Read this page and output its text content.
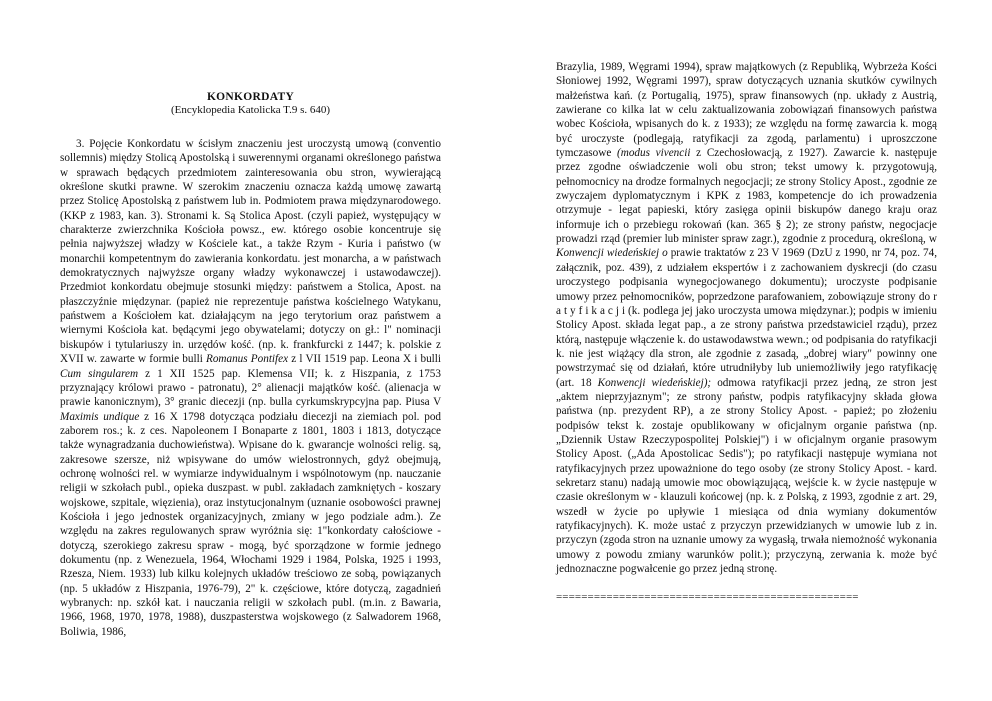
KONKORDATY
(Encyklopedia Katolicka T.9 s. 640)

3. Pojęcie Konkordatu w ścisłym znaczeniu jest uroczystą umową (conventio sollemnis) między Stolicą Apostolską i suwerennymi organami określonego państwa w sprawach będących przedmiotem zainteresowania obu stron, wywierającą określone skutki prawne. W szerokim znaczeniu oznacza każdą umowę zawartą przez Stolicę Apostolską z państwem lub in. Podmiotem prawa międzynarodowego. (KKP z 1983, kan. 3). Stronami k. Są Stolica Apost. (czyli papież, występujący w charakterze zwierzchnika Kościoła powsz., ew. którego osobie koncentruje się pełnia najwyższej władzy w Kościele kat., a także Rzym - Kuria i państwo (w monarchii kompetentnym do zawierania konkordatu. jest monarcha, a w państwach demokratycznych najwyższe organy władzy wykonawczej i ustawodawczej). Przedmiot konkordatu obejmuje stosunki między: państwem a Stolica, Apost. na płaszczyźnie międzynar. (papież nie reprezentuje państwa kościelnego Watykanu, państwem a Kościołem kat. działającym na jego terytorium oraz państwem a wiernymi Kościoła kat. będącymi jego obywatelami; dotyczy on gł.: l" nominacji biskupów i tytulariuszy in. urzędów kość. (np. k. frankfurcki z 1447; k. polskie z XVII w. zawarte w formie bulli Romanus Pontifex z l VII 1519 pap. Leona X i bulli Cum singularem z 1 XII 1525 pap. Klemensa VII; k. z Hiszpania, z 1753 przyznający królowi prawo - patronatu), 2° alienacji majątków kość. (alienacja w prawie kanonicznym), 3° granic diecezji (np. bulla cyrkumskrypcyjna pap. Piusa V Maximis undique z 16 X 1798 dotycząca podziału diecezji na ziemiach pol. pod zaborem ros.; k. z ces. Napoleonem I Bonaparte z 1801, 1803 i 1813, dotyczące także wynagradzania duchowieństwa). Wpisane do k. gwarancje wolności relig. są, zakresowe szersze, niż wpisywane do umów wielostronnych, gdyż obejmują, ochronę wolności rel. w wymiarze indywidualnym i wspólnotowym (np. nauczanie religii w szkołach publ., opieka duszpast. w publ. zakładach zamkniętych - koszary wojskowe, szpitale, więzienia), oraz instytucjonalnym (uznanie osobowości prawnej Kościoła i jego jednostek organizacyjnych, zmiany w jego podziale adm.). Ze względu na zakres regulowanych spraw wyróżnia się: 1"konkordaty całościowe - dotyczą, szerokiego zakresu spraw - mogą, być sporządzone w formie jednego dokumentu (np. z Wenezuela, 1964, Włochami 1929 i 1984, Polska, 1925 i 1993, Rzesza, Niem. 1933) lub kilku kolejnych układów treściowo ze sobą, powiązanych (np. 5 układów z Hiszpania, 1976-79), 2" k. częściowe, które dotyczą, zagadnień wybranych: np. szkół kat. i nauczania religii w szkołach publ. (m.in. z Bawaria, 1966, 1968, 1970, 1978, 1988), duszpasterstwa wojskowego (z Salwadorem 1968, Boliwia, 1986,

Brazylia, 1989, Węgrami 1994), spraw majątkowych (z Republiką, Wybrzeża Kości Słoniowej 1992, Węgrami 1997), spraw dotyczących uznania skutków cywilnych małżeństwa kań. (z Portugalią, 1975), spraw finansowych (np. układy z Austrią, zawierane co kilka lat w celu zaktualizowania zobowiązań finansowych państwa wobec Kościoła, wpisanych do k. z 1933); ze względu na formę zawarcia k. mogą być uroczyste (podlegają, ratyfikacji za zgodą, parlamentu) i uproszczone tymczasowe (modus vivencii z Czechosłowacją, z 1927). Zawarcie k. następuje przez zgodne oświadczenie woli obu stron; tekst umowy k. przygotowują, pełnomocnicy na drodze formalnych negocjacji; ze strony Stolicy Apost., zgodnie ze zwyczajem dyplomatycznym i KPK z 1983, kompetencje do ich prowadzenia otrzymuje - legat papieski, który zasięga opinii biskupów danego kraju oraz informuje ich o przebiegu rokowań (kan. 365 § 2); ze strony państw, negocjacje prowadzi rząd (premier lub minister spraw zagr.), zgodnie z procedurą, określoną, w Konwencji wiedeńskiej o prawie traktatów z 23 V 1969 (DzU z 1990, nr 74, poz. 74, załącznik, poz. 439), z udziałem ekspertów i z zachowaniem dyskrecji (do czasu uroczystego podpisania wynegocjowanego dokumentu); uroczyste podpisanie umowy przez pełnomocników, poprzedzone parafowaniem, zobowiązuje strony do r a t y f i k a c j i (k. podlega jej jako uroczysta umowa międzynar.); podpis w imieniu Stolicy Apost. składa legat pap., a ze strony państwa przedstawiciel rządu), przez którą, następuje włączenie k. do ustawodawstwa wewn.; od podpisania do ratyfikacji k. nie jest wiążący dla stron, ale zgodnie z zasadą, „dobrej wiary" powinny one powstrzymać się od działań, które utrudniłyby lub uniemożliwiły jego ratyfikację (art. 18 Konwencji wiedeńskiej); odmowa ratyfikacji przez jedną, ze stron jest „aktem nieprzyjaznym"; ze strony państw, podpis ratyfikacyjny składa głowa państwa (np. prezydent RP), a ze strony Stolicy Apost. - papież; po złożeniu podpisów tekst k. zostaje opublikowany w oficjalnym organie państwa (np. „Dziennik Ustaw Rzeczypospolitej Polskiej") i w oficjalnym organie prasowym Stolicy Apost. („Ada Apostolicac Sedis"); po ratyfikacji następuje wymiana not ratyfikacyjnych przez upoważnione do tego osoby (ze strony Stolicy Apost. - kard. sekretarz stanu) nadają umowie moc obowiązującą, wejście k. w życie następuje w czasie określonym w - klauzuli końcowej (np. k. z Polską, z 1993, zgodnie z art. 29, wszedł w życie po upływie 1 miesiąca od dnia wymiany dokumentów ratyfikacyjnych). K. może ustać z przyczyn przewidzianych w umowie lub z in. przyczyn (zgoda stron na uznanie umowy za wygasłą, trwała niemożność wykonania umowy z powodu zmiany warunków polit.); przyczyną, zerwania k. może być jednoznaczne pogwałcenie go przez jedną stronę.

================================================
